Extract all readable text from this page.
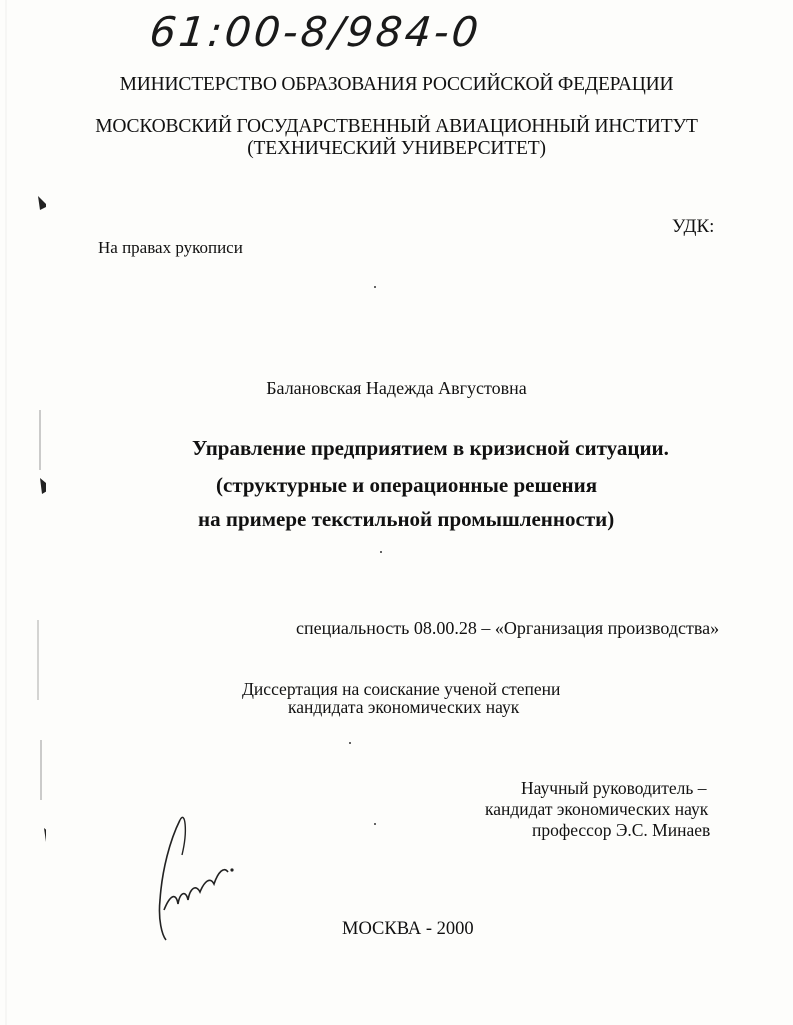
61:00-8/984-0
МИНИСТЕРСТВО ОБРАЗОВАНИЯ РОССИЙСКОЙ ФЕДЕРАЦИИ
МОСКОВСКИЙ ГОСУДАРСТВЕННЫЙ АВИАЦИОННЫЙ ИНСТИТУТ
(ТЕХНИЧЕСКИЙ УНИВЕРСИТЕТ)
УДК:
На правах рукописи
Балановская Надежда Августовна
Управление предприятием в кризисной ситуации.
(структурные и операционные решения
на примере текстильной промышленности)
специальность 08.00.28 – «Организация производства»
Диссертация на соискание ученой степени
кандидата экономических наук
Научный руководитель –
кандидат экономических наук
профессор Э.С. Минаев
МОСКВА - 2000
